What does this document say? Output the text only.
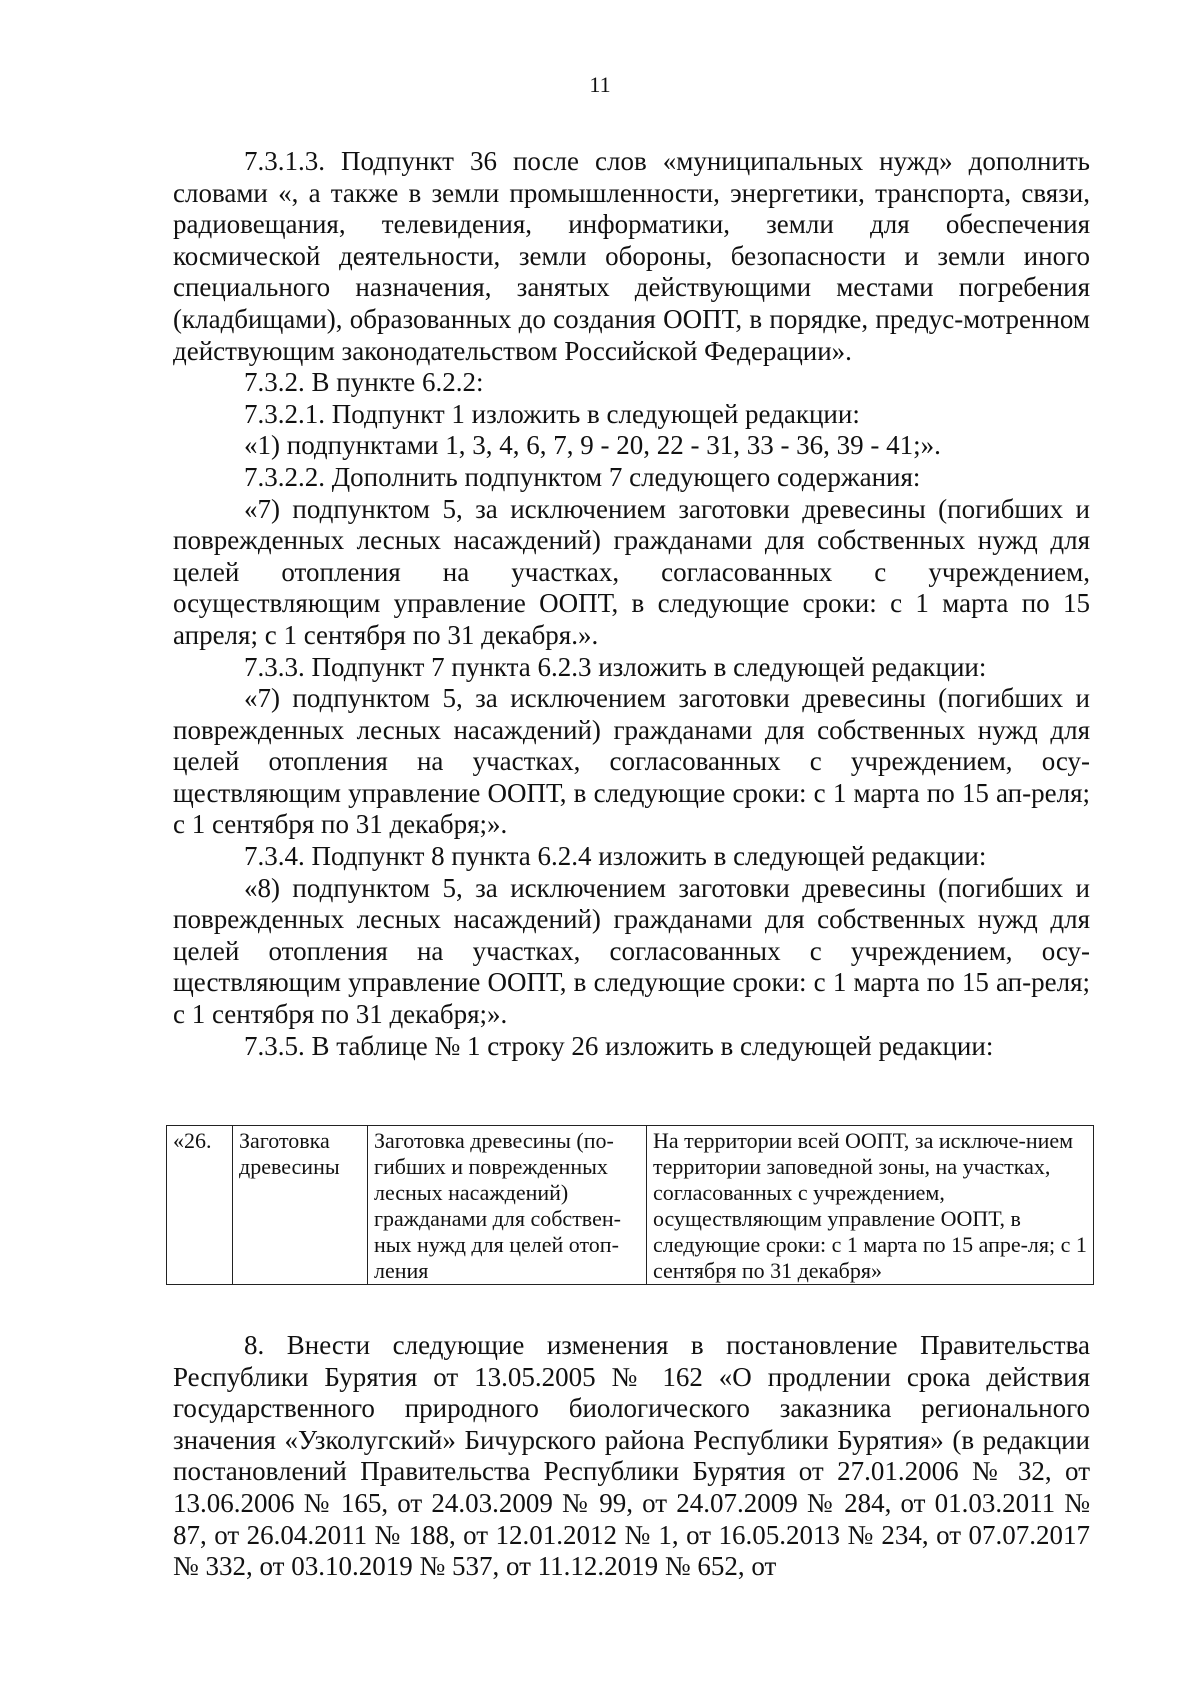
11

7.3.1.3. Подпункт 36 после слов «муниципальных нужд» дополнить словами «, а также в земли промышленности, энергетики, транспорта, связи, радиовещания, телевидения, информатики, земли для обеспечения космической деятельности, земли обороны, безопасности и земли иного специального назначения, занятых действующими местами погребения (кладбищами), образованных до создания ООПТ, в порядке, предус-мотренном действующим законодательством Российской Федерации».

7.3.2. В пункте 6.2.2:

7.3.2.1. Подпункт 1 изложить в следующей редакции:

«1) подпунктами 1, 3, 4, 6, 7, 9 - 20, 22 - 31, 33 - 36, 39 - 41;».

7.3.2.2. Дополнить подпунктом 7 следующего содержания:

«7) подпунктом 5, за исключением заготовки древесины (погибших и поврежденных лесных насаждений) гражданами для собственных нужд для целей отопления на участках, согласованных с учреждением, осуществляющим управление ООПТ, в следующие сроки: с 1 марта по 15 апреля; с 1 сентября по 31 декабря.».

7.3.3. Подпункт 7 пункта 6.2.3 изложить в следующей редакции:

«7) подпунктом 5, за исключением заготовки древесины (погибших и поврежденных лесных насаждений) гражданами для собственных нужд для целей отопления на участках, согласованных с учреждением, осу-ществляющим управление ООПТ, в следующие сроки: с 1 марта по 15 ап-реля; с 1 сентября по 31 декабря;».

7.3.4. Подпункт 8 пункта 6.2.4 изложить в следующей редакции:

«8) подпунктом 5, за исключением заготовки древесины (погибших и поврежденных лесных насаждений) гражданами для собственных нужд для целей отопления на участках, согласованных с учреждением, осу-ществляющим управление ООПТ, в следующие сроки: с 1 марта по 15 ап-реля; с 1 сентября по 31 декабря;».

7.3.5. В таблице № 1 строку 26 изложить в следующей редакции:

«26.	Заготовка древесины	Заготовка древесины (по-гибших и поврежденных лесных насаждений) гражданами для собствен-ных нужд для целей отоп-ления	На территории всей ООПТ, за исключе-нием территории заповедной зоны, на участках, согласованных с учреждением, осуществляющим управление ООПТ, в следующие сроки: с 1 марта по 15 апре-ля; с 1 сентября по 31 декабря»

8. Внести следующие изменения в постановление Правительства Республики Бурятия от 13.05.2005 № 162 «О продлении срока действия государственного природного биологического заказника регионального значения «Узколугский» Бичурского района Республики Бурятия» (в редакции постановлений Правительства Республики Бурятия от 27.01.2006 № 32, от 13.06.2006 № 165, от 24.03.2009 № 99, от 24.07.2009 № 284, от 01.03.2011 № 87, от 26.04.2011 № 188, от 12.01.2012 № 1, от 16.05.2013 № 234, от 07.07.2017 № 332, от 03.10.2019 № 537, от 11.12.2019 № 652, от
